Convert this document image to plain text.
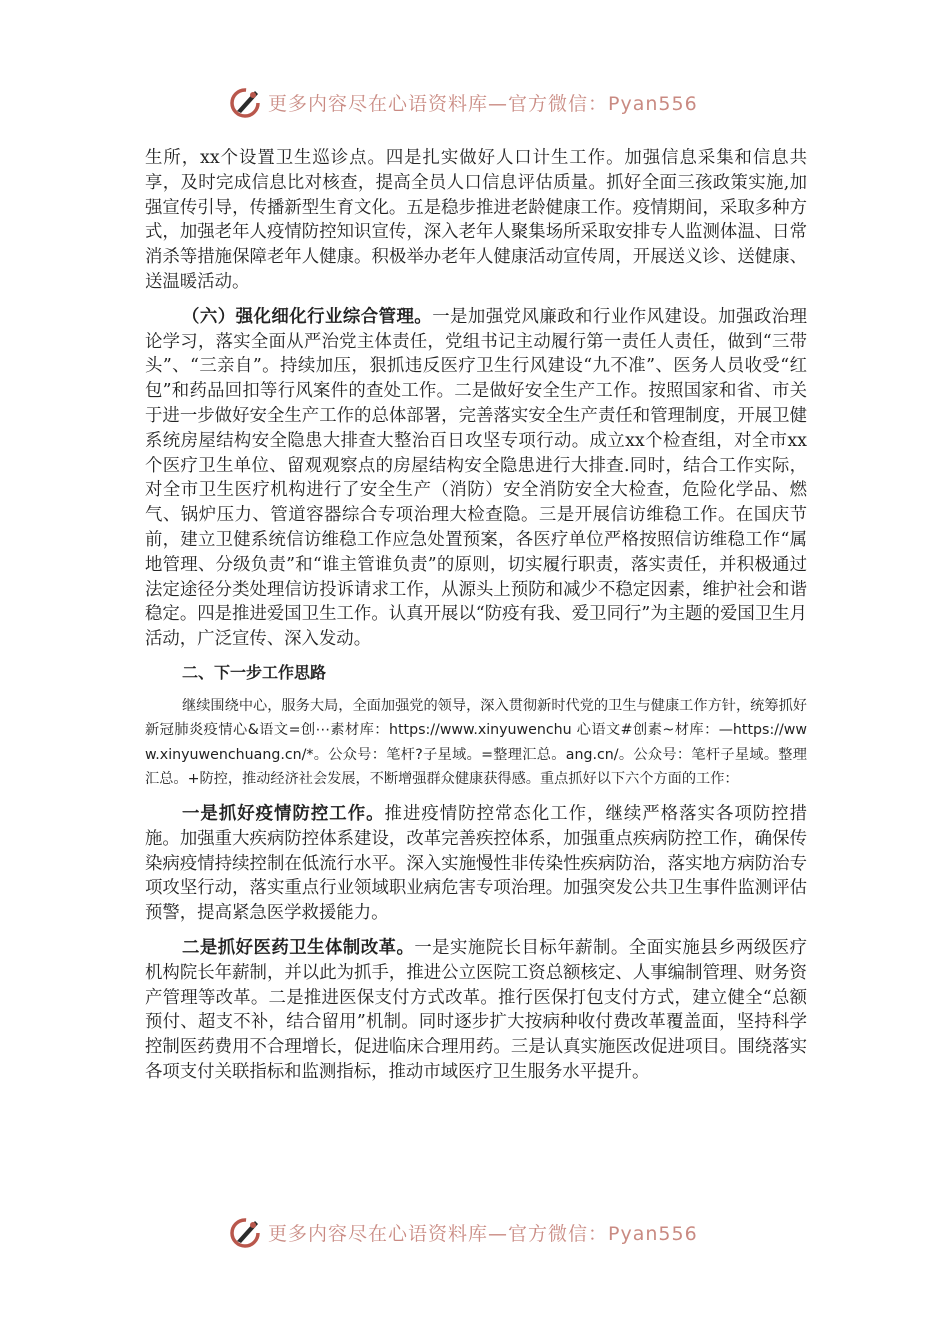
更多内容尽在心语资料库—官方微信：Pyan556

生所，xx个设置卫生巡诊点。四是扎实做好人口计生工作。加强信息采集和信息共享，及时完成信息比对核查，提高全员人口信息评估质量。抓好全面三孩政策实施,加强宣传引导，传播新型生育文化。五是稳步推进老龄健康工作。疫情期间，采取多种方式，加强老年人疫情防控知识宣传，深入老年人聚集场所采取安排专人监测体温、日常消杀等措施保障老年人健康。积极举办老年人健康活动宣传周，开展送义诊、送健康、送温暖活动。

（六）强化细化行业综合管理。一是加强党风廉政和行业作风建设。加强政治理论学习，落实全面从严治党主体责任，党组书记主动履行第一责任人责任，做到“三带头”、“三亲自”。持续加压，狠抓违反医疗卫生行风建设“九不准”、医务人员收受“红包”和药品回扣等行风案件的查处工作。二是做好安全生产工作。按照国家和省、市关于进一步做好安全生产工作的总体部署，完善落实安全生产责任和管理制度，开展卫健系统房屋结构安全隐患大排查大整治百日攻坚专项行动。成立xx个检查组，对全市xx个医疗卫生单位、留观观察点的房屋结构安全隐患进行大排查.同时，结合工作实际，对全市卫生医疗机构进行了安全生产（消防）安全消防安全大检查，危险化学品、燃气、锅炉压力、管道容器综合专项治理大检查隐。三是开展信访维稳工作。在国庆节前，建立卫健系统信访维稳工作应急处置预案，各医疗单位严格按照信访维稳工作“属地管理、分级负责”和“谁主管谁负责”的原则，切实履行职责，落实责任，并积极通过法定途径分类处理信访投诉请求工作，从源头上预防和减少不稳定因素，维护社会和谐稳定。四是推进爱国卫生工作。认真开展以“防疫有我、爱卫同行”为主题的爱国卫生月活动，广泛宣传、深入发动。

二、下一步工作思路

继续围绕中心，服务大局，全面加强党的领导，深入贯彻新时代党的卫生与健康工作方针，统筹抓好新冠肺炎疫情心&语文=创⋯素材库：https://www.xinyuwenchu 心语文#创素~材库：—https://www.xinyuwenchuang.cn/*。公众号：笔杆?子星域。=整理汇总。ang.cn/。公众号：笔杆子星域。整理汇总。+防控，推动经济社会发展，不断增强群众健康获得感。重点抓好以下六个方面的工作：

一是抓好疫情防控工作。推进疫情防控常态化工作，继续严格落实各项防控措施。加强重大疾病防控体系建设，改革完善疾控体系，加强重点疾病防控工作，确保传染病疫情持续控制在低流行水平。深入实施慢性非传染性疾病防治，落实地方病防治专项攻坚行动，落实重点行业领域职业病危害专项治理。加强突发公共卫生事件监测评估预警，提高紧急医学救援能力。

二是抓好医药卫生体制改革。一是实施院长目标年薪制。全面实施县乡两级医疗机构院长年薪制，并以此为抓手，推进公立医院工资总额核定、人事编制管理、财务资产管理等改革。二是推进医保支付方式改革。推行医保打包支付方式，建立健全“总额预付、超支不补，结合留用”机制。同时逐步扩大按病种收付费改革覆盖面，坚持科学控制医药费用不合理增长，促进临床合理用药。三是认真实施医改促进项目。围绕落实各项支付关联指标和监测指标，推动市域医疗卫生服务水平提升。

更多内容尽在心语资料库—官方微信：Pyan556
